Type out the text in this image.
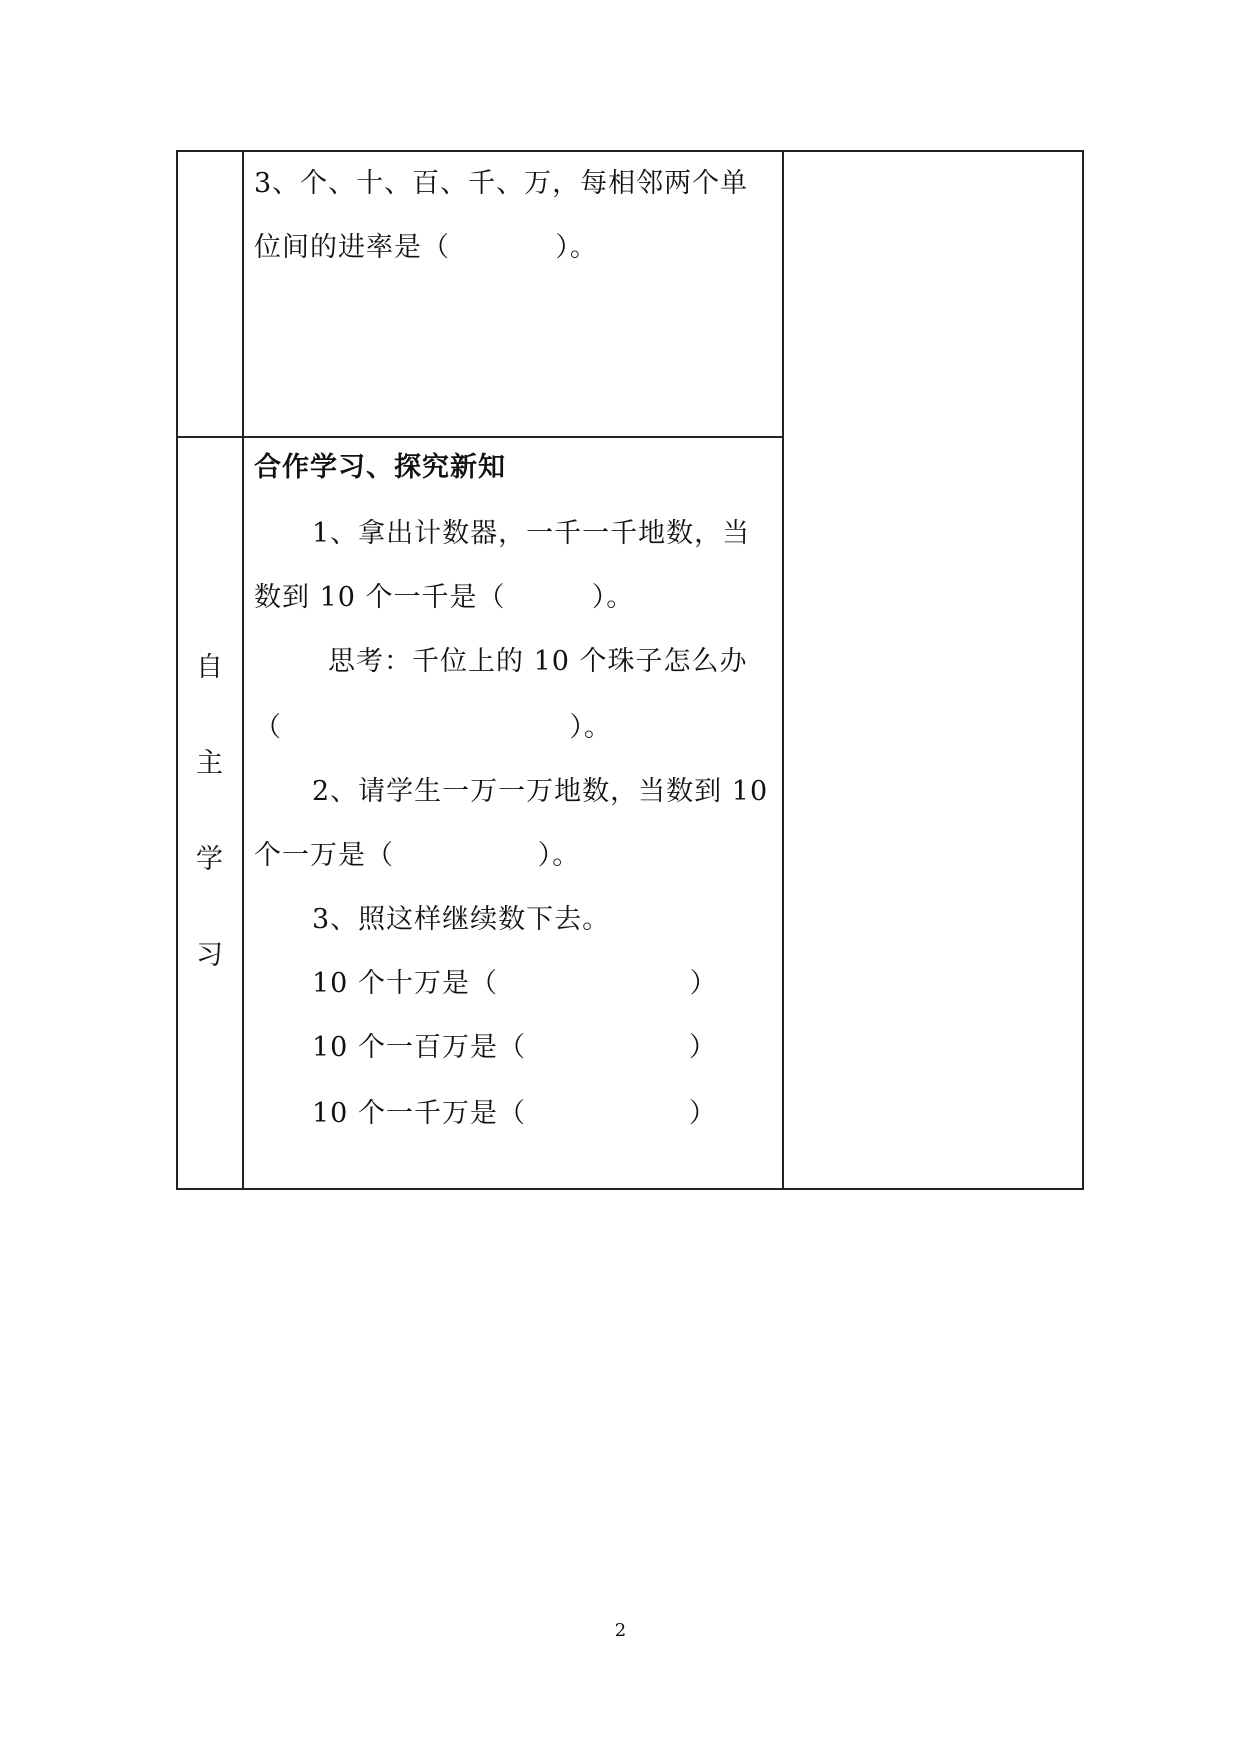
3、个、十、百、千、万，每相邻两个单
位间的进率是（           ）。
自
主
学
习
合作学习、探究新知
1、拿出计数器，一千一千地数，当
数到 10 个一千是（         ）。
思考：千位上的 10 个珠子怎么办
（                              ）。
2、请学生一万一万地数，当数到 10
个一万是（               ）。
3、照这样继续数下去。
10 个十万是（                    ）
10 个一百万是（                 ）
10 个一千万是（                 ）
2
